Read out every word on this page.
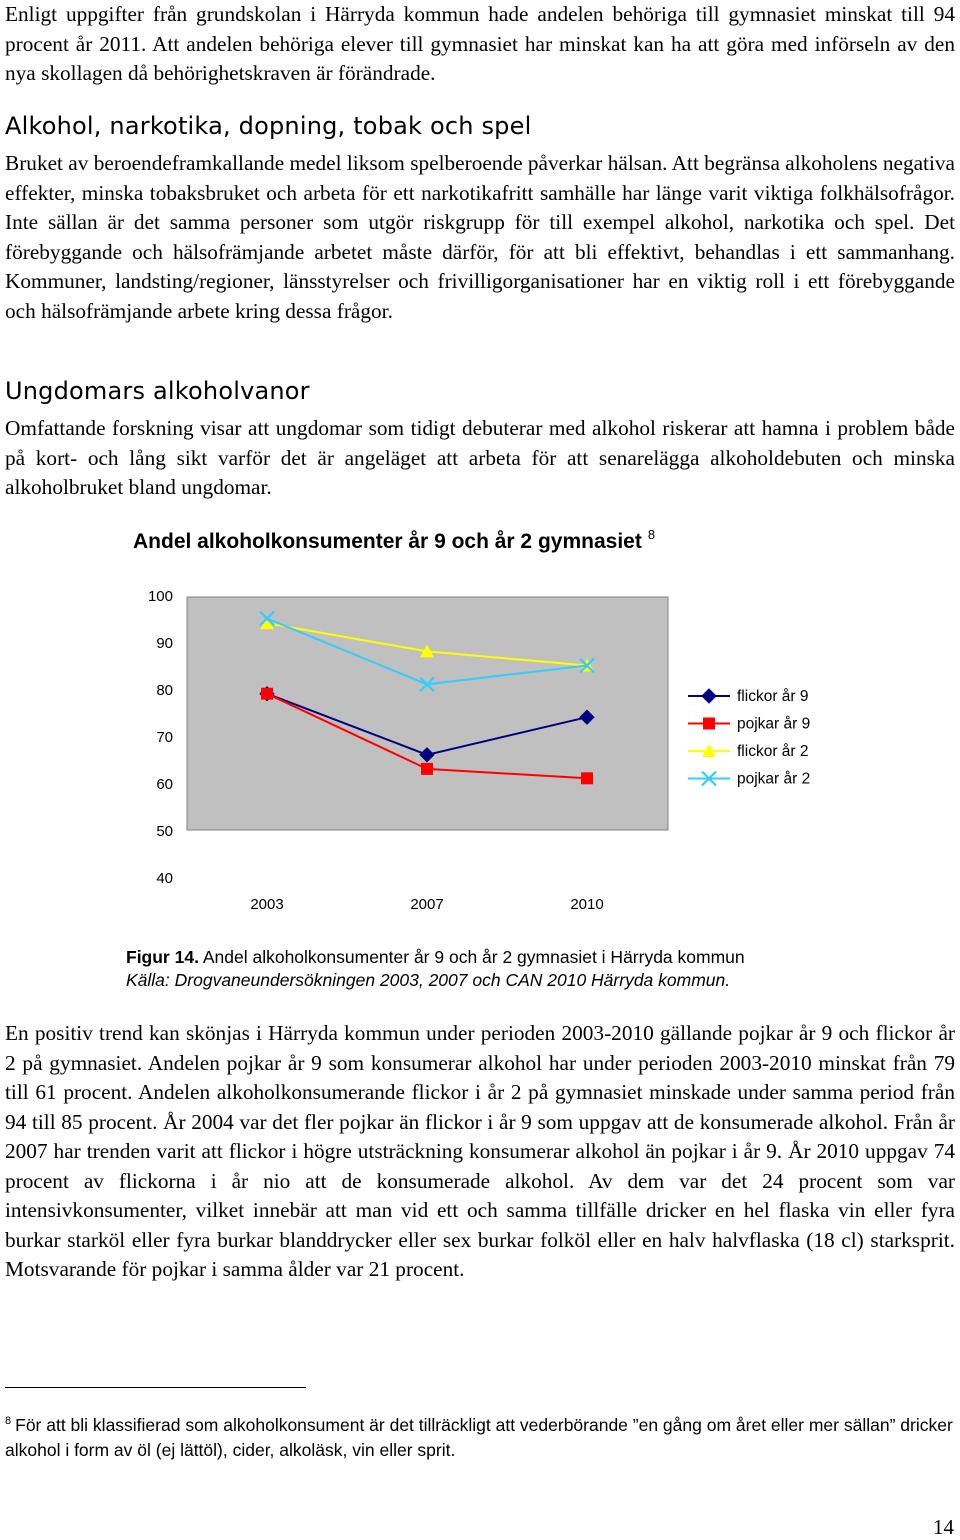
Enligt uppgifter från grundskolan i Härryda kommun hade andelen behöriga till gymnasiet minskat till 94 procent år 2011. Att andelen behöriga elever till gymnasiet har minskat kan ha att göra med införseln av den nya skollagen då behörighetskraven är förändrade.

Alkohol, narkotika, dopning, tobak och spel

Bruket av beroendeframkallande medel liksom spelberoende påverkar hälsan. Att begränsa alkoholens negativa effekter, minska tobaksbruket och arbeta för ett narkotikafritt samhälle har länge varit viktiga folkhälsofrågor. Inte sällan är det samma personer som utgör riskgrupp för till exempel alkohol, narkotika och spel. Det förebyggande och hälsofrämjande arbetet måste därför, för att bli effektivt, behandlas i ett sammanhang. Kommuner, landsting/regioner, länsstyrelser och frivilligorganisationer har en viktig roll i ett förebyggande och hälsofrämjande arbete kring dessa frågor.

Ungdomars alkoholvanor

Omfattande forskning visar att ungdomar som tidigt debuterar med alkohol riskerar att hamna i problem både på kort- och lång sikt varför det är angeläget att arbeta för att senarelägga alkoholdebuten och minska alkoholbruket bland ungdomar.

Andel alkoholkonsumenter år 9 och år 2 gymnasiet $^8$
100
90
80
70
60
50
40
2003	2007	2010
flickor år 9
pojkar år 9
flickor år 2
pojkar år 2

Figur 14. Andel alkoholkonsumenter år 9 och år 2 gymnasiet i Härryda kommun
Källa: Drogvaneundersökningen 2003, 2007 och CAN 2010 Härryda kommun.

En positiv trend kan skönjas i Härryda kommun under perioden 2003-2010 gällande pojkar år 9 och flickor år 2 på gymnasiet. Andelen pojkar år 9 som konsumerar alkohol har under perioden 2003-2010 minskat från 79 till 61 procent. Andelen alkoholkonsumerande flickor i år 2 på gymnasiet minskade under samma period från 94 till 85 procent. År 2004 var det fler pojkar än flickor i år 9 som uppgav att de konsumerade alkohol. Från år 2007 har trenden varit att flickor i högre utsträckning konsumerar alkohol än pojkar i år 9. År 2010 uppgav 74 procent av flickorna i år nio att de konsumerade alkohol. Av dem var det 24 procent som var intensivkonsumenter, vilket innebär att man vid ett och samma tillfälle dricker en hel flaska vin eller fyra burkar starköl eller fyra burkar blanddrycker eller sex burkar folköl eller en halv halvflaska (18 cl) starksprit. Motsvarande för pojkar i samma ålder var 21 procent.

$^8$ För att bli klassifierad som alkoholkonsument är det tillräckligt att vederbörande ”en gång om året eller mer sällan” dricker alkohol i form av öl (ej lättöl), cider, alkoläsk, vin eller sprit.

14
